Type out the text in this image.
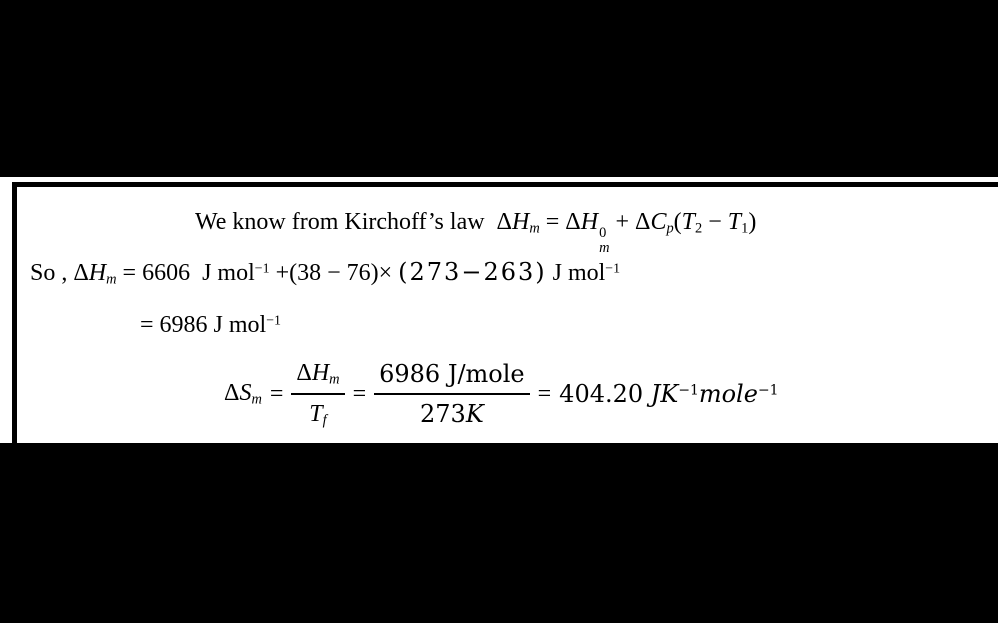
We know from Kirchoff’s law $\Delta H_m = \Delta H$ 0
m
+ $\Delta C_p(T_2 - T_1)$
So , $\Delta H_m = 6606$  J mol$^{-1}$ +(38 − 76)× (273−263) J mol$^{-1}$
= 6986 J mol$^{-1}$
$\Delta S_m = \frac{\Delta H_m}{T_f} = \frac{\text{6986 J/mole}}{273K} = 404.20$ $JK^{-1}mole^{-1}$
